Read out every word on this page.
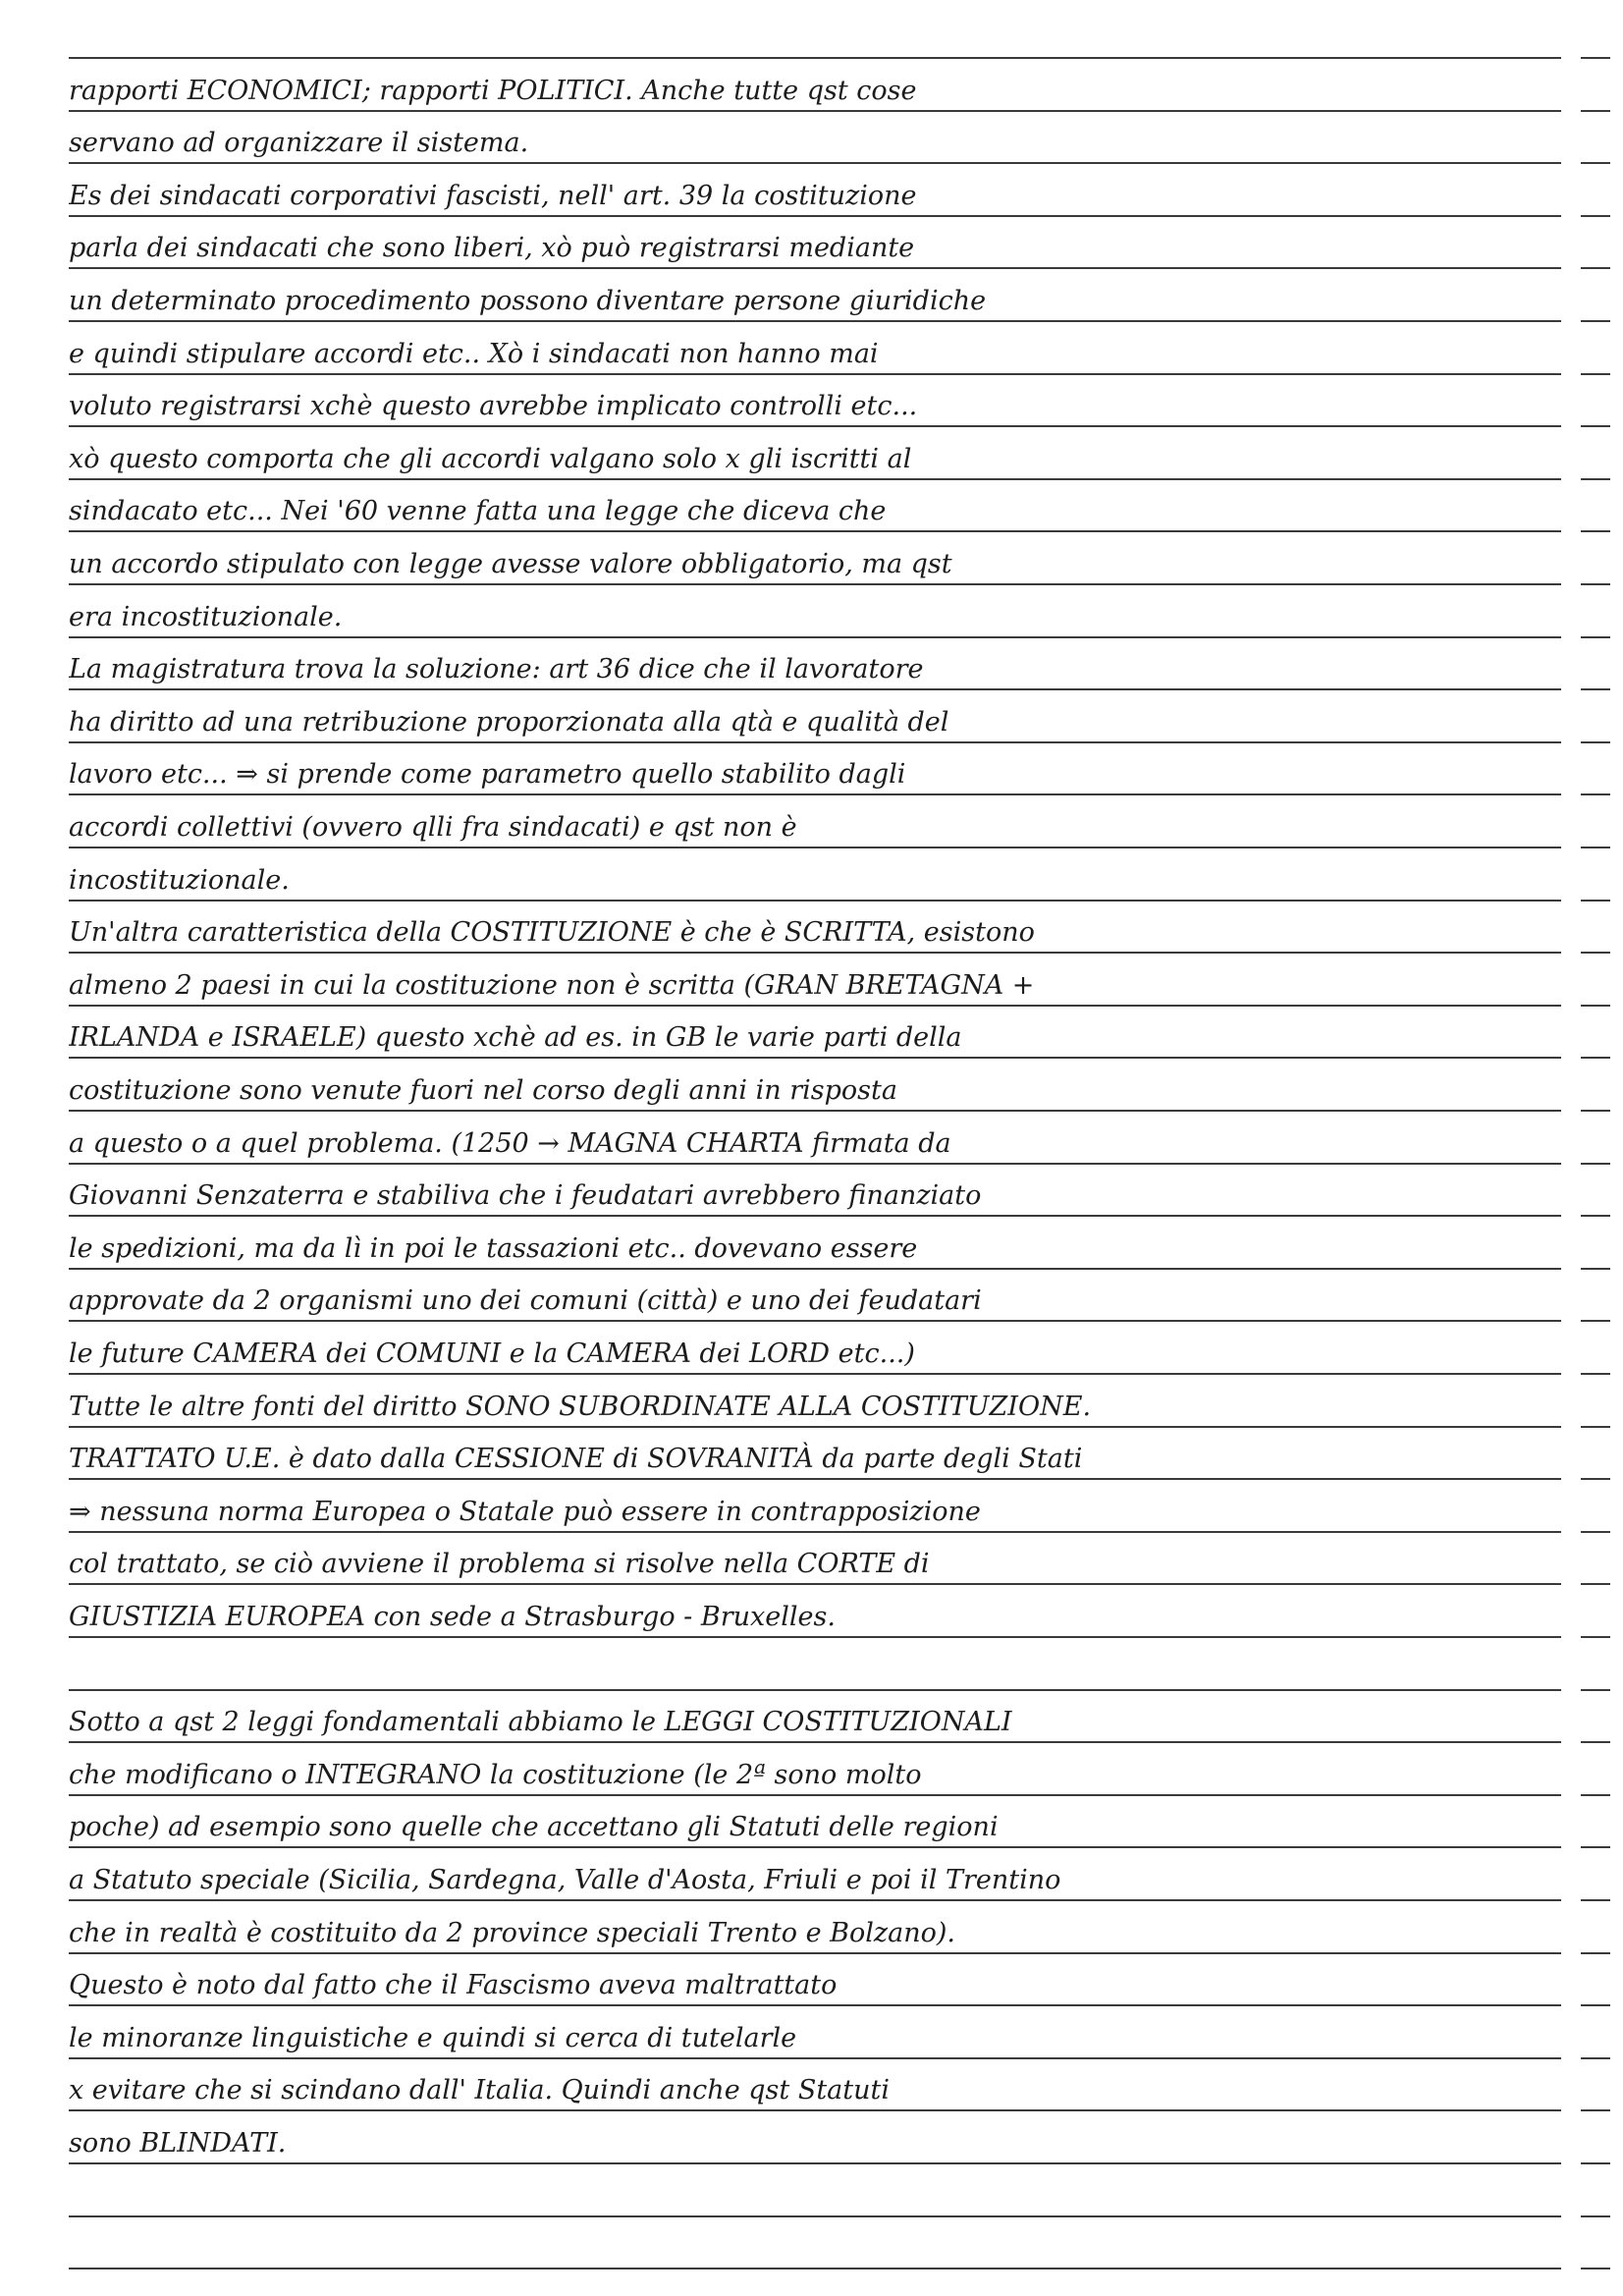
rapporti ECONOMICI; rapporti POLITICI. Anche tutte qst cose
servano ad organizzare il sistema.
Es dei sindacati corporativi fascisti, nell' art. 39 la costituzione
parla dei sindacati che sono liberi, xò può registrarsi mediante
un determinato procedimento possono diventare persone giuridiche
e quindi stipulare accordi etc.. Xò i sindacati non hanno mai
voluto registrarsi xchè questo avrebbe implicato controlli etc...
xò questo comporta che gli accordi valgano solo x gli iscritti al
sindacato etc... Nei '60 venne fatta una legge che diceva che
un accordo stipulato con legge avesse valore obbligatorio, ma qst
era incostituzionale.
La magistratura trova la soluzione: art 36 dice che il lavoratore
ha diritto ad una retribuzione proporzionata alla qtà e qualità del
lavoro etc... ⇒ si prende come parametro quello stabilito dagli
accordi collettivi (ovvero qlli fra sindacati) e qst non è
incostituzionale.
Un'altra caratteristica della COSTITUZIONE è che è SCRITTA, esistono
almeno 2 paesi in cui la costituzione non è scritta (GRAN BRETAGNA +
IRLANDA e ISRAELE) questo xchè ad es. in GB le varie parti della
costituzione sono venute fuori nel corso degli anni in risposta
a questo o a quel problema. (1250 → MAGNA CHARTA firmata da
Giovanni Senzaterra e stabiliva che i feudatari avrebbero finanziato
le spedizioni, ma da lì in poi le tassazioni etc.. dovevano essere
approvate da 2 organismi uno dei comuni (città) e uno dei feudatari
le future CAMERA dei COMUNI e la CAMERA dei LORD etc...)
Tutte le altre fonti del diritto SONO SUBORDINATE ALLA COSTITUZIONE.
TRATTATO U.E. è dato dalla CESSIONE di SOVRANITÀ da parte degli Stati
⇒ nessuna norma Europea o Statale può essere in contrapposizione
col trattato, se ciò avviene il problema si risolve nella CORTE di
GIUSTIZIA EUROPEA con sede a Strasburgo - Bruxelles.
Sotto a qst 2 leggi fondamentali abbiamo le LEGGI COSTITUZIONALI
che modificano o INTEGRANO la costituzione (le 2ª sono molto
poche) ad esempio sono quelle che accettano gli Statuti delle regioni
a Statuto speciale (Sicilia, Sardegna, Valle d'Aosta, Friuli e poi il Trentino
che in realtà è costituito da 2 province speciali Trento e Bolzano).
Questo è noto dal fatto che il Fascismo aveva maltrattato
le minoranze linguistiche e quindi si cerca di tutelarle
x evitare che si scindano dall' Italia. Quindi anche qst Statuti
sono BLINDATI.
